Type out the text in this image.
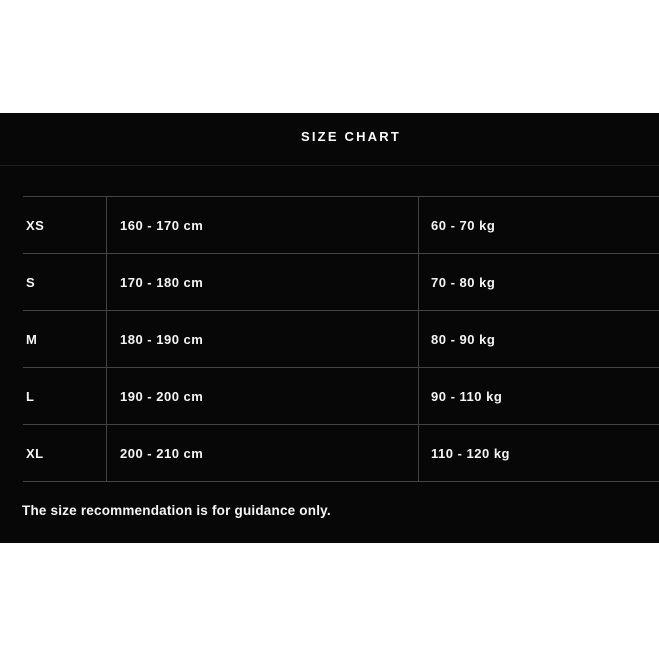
SIZE CHART
XS	160 - 170 cm	60 - 70 kg
S	170 - 180 cm	70 - 80 kg
M	180 - 190 cm	80 - 90 kg
L	190 - 200 cm	90 - 110 kg
XL	200 - 210 cm	110 - 120 kg

The size recommendation is for guidance only.
